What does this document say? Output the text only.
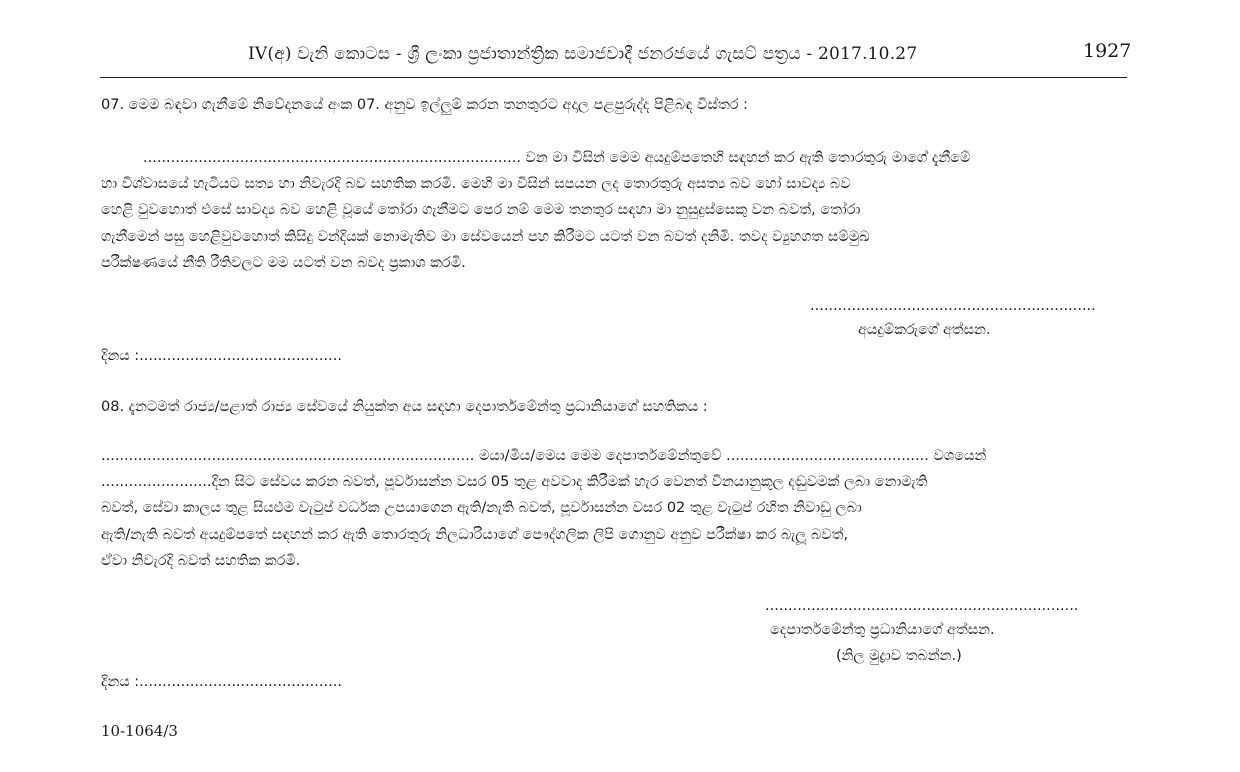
IV(අ) වැනි කොටස - ශ්‍රී ලංකා ප්‍රජාතාන්ත්‍රික සමාජවාදී ජනරජයේ ගැසට් පත්‍රය - 2017.10.27	1927
07. මෙම බඳවා ගැනීමේ නිවේදනයේ අංක 07. අනුව ඉල්ලුම් කරන තනතුරට අදාල පළපුරුද්ද පිළිබඳ විස්තර :

.................................................................................. වන මා විසින් මෙම අයදුම්පතෙහි සඳහන් කර ඇති තොරතුරු මාගේ දැනීමේ

හා විශ්වාසයේ හැටියට සත්‍ය හා නිවැරදි බව සහතික කරමි. මෙහි මා විසින් සපයන ලද තොරතුරු අසත්‍ය බව හෝ සාවද්‍ය බව

හෙළි වුවහොත් එසේ සාවද්‍ය බව හෙළි වූයේ තෝරා ගැනීමට පෙර නම් මෙම තනතුර සඳහා මා නුසුදුස්සෙකු වන බවත්, තෝරා

ගැනීමෙන් පසු හෙළිවුවහොත් කිසිදු වන්දියක් නොමැතිව මා සේවයෙන් පහ කිරීමට යටත් වන බවත් දනිමි. තවද ව්‍යුහගත සම්මුඛ

පරීක්ෂණයේ නීති රීතිවලට මම යටත් වන බවද ප්‍රකාශ කරමි.

..............................................................
අයදුම්කරුගේ අත්සන.
දිනය :............................................
08. දැනටමත් රාජ්‍ය/පළාත් රාජ්‍ය සේවයේ නියුක්ත අය සඳහා දෙපාර්තමේන්තු ප්‍රධානියාගේ සහතිකය :

................................................................................. මයා/මිය/මෙය මෙම දෙපාර්තමේන්තුවේ ............................................ වශයෙන්

........................දින සිට සේවය කරන බවත්, පූර්වාසන්න වසර 05 තුළ අවවාද කිරීමක් හැර වෙනත් විනයානුකූල දඬුවමක් ලබා නොමැති

බවත්, සේවා කාලය තුළ සියළුම වැටුප් වර්ධක උපයාගෙන ඇති/නැති බවත්, පූර්වාසන්න වසර 02 තුළ වැටුප් රහිත නිවාඩු ලබා

ඇති/නැති බවත් අයදුම්පතේ සඳහන් කර ඇති තොරතුරු නිලධාරියාගේ පෞද්ගලික ලිපි ගොනුව අනුව පරීක්ෂා කර බැලූ බවත්,

ඒවා නිවැරදි බවත් සහතික කරමි.

....................................................................
දෙපාර්තමේන්තු ප්‍රධානියාගේ අත්සන.
(නිල මුද්‍රාව තබන්න.)
දිනය :............................................
10-1064/3
